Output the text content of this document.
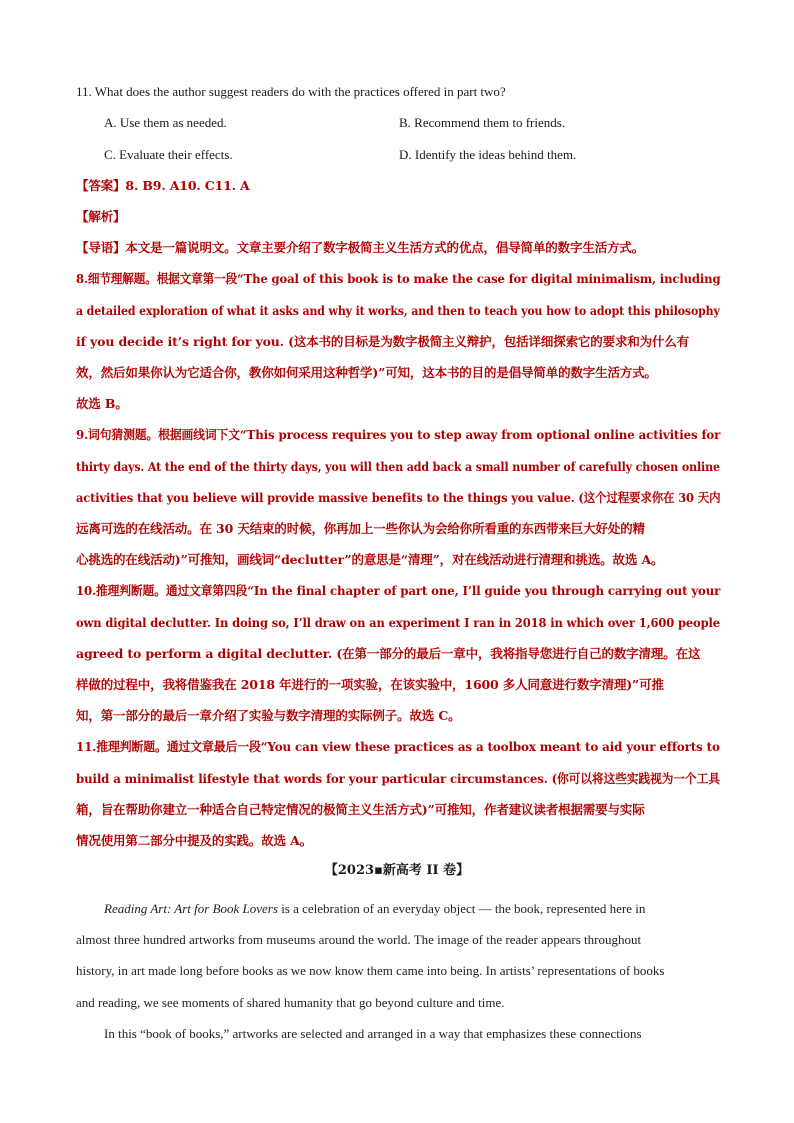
11. What does the author suggest readers do with the practices offered in part two?
A. Use them as needed.	B. Recommend them to friends.
C. Evaluate their effects.	D. Identify the ideas behind them.
【答案】8. B9. A10. C11. A
【解析】
【导语】本文是一篇说明文。文章主要介绍了数字极简主义生活方式的优点，倡导简单的数字生活方式。
8.细节理解题。根据文章第一段“The goal of this book is to make the case for digital minimalism, including
a detailed exploration of what it asks and why it works, and then to teach you how to adopt this philosophy
if you decide it’s right for you. (这本书的目标是为数字极简主义辩护，包括详细探索它的要求和为什么有
效，然后如果你认为它适合你，教你如何采用这种哲学)”可知，这本书的目的是倡导简单的数字生活方式。
故选 B。
9.词句猜测题。根据画线词下文“This process requires you to step away from optional online activities for
thirty days. At the end of the thirty days, you will then add back a small number of carefully chosen online
activities that you believe will provide massive benefits to the things you value. (这个过程要求你在 30 天内
远离可选的在线活动。在 30 天结束的时候，你再加上一些你认为会给你所看重的东西带来巨大好处的精
心挑选的在线活动)”可推知，画线词“declutter”的意思是“清理”，对在线活动进行清理和挑选。故选 A。
10.推理判断题。通过文章第四段“In the final chapter of part one, I’ll guide you through carrying out your
own digital declutter. In doing so, I’ll draw on an experiment I ran in 2018 in which over 1,600 people
agreed to perform a digital declutter. (在第一部分的最后一章中，我将指导您进行自己的数字清理。在这
样做的过程中，我将借鉴我在 2018 年进行的一项实验，在该实验中，1600 多人同意进行数字清理)”可推
知，第一部分的最后一章介绍了实验与数字清理的实际例子。故选 C。
11.推理判断题。通过文章最后一段“You can view these practices as a toolbox meant to aid your efforts to
build a minimalist lifestyle that words for your particular circumstances. (你可以将这些实践视为一个工具
箱，旨在帮助你建立一种适合自己特定情况的极简主义生活方式)”可推知，作者建议读者根据需要与实际
情况使用第二部分中提及的实践。故选 A。
【2023▪新高考 II 卷】
Reading Art: Art for Book Lovers is a celebration of an everyday object — the book, represented here in
almost three hundred artworks from museums around the world. The image of the reader appears throughout
history, in art made long before books as we now know them came into being. In artists’ representations of books
and reading, we see moments of shared humanity that go beyond culture and time.
In this “book of books,” artworks are selected and arranged in a way that emphasizes these connections
